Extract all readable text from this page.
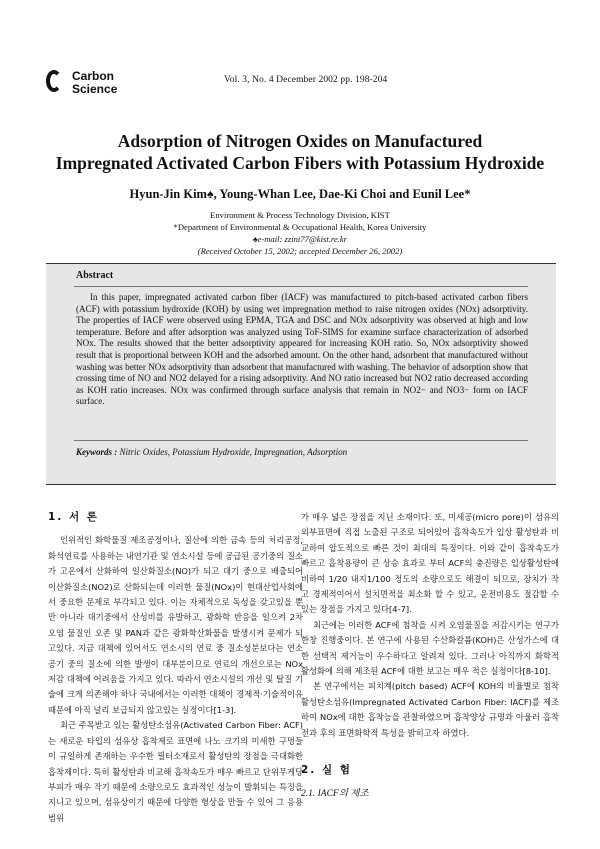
Carbon
Science
Vol. 3, No. 4 December 2002 pp. 198-204
Adsorption of Nitrogen Oxides on Manufactured
Impregnated Activated Carbon Fibers with Potassium Hydroxide
Hyun-Jin Kim♠, Young-Whan Lee, Dae-Ki Choi and Eunil Lee*
Environment & Process Technology Division, KIST
*Department of Environmental & Occupational Health, Korea University
♠e-mail: zzini77@kist.re.kr
(Received October 15, 2002; accepted December 26, 2002)
Abstract
In this paper, impregnated activated carbon fiber (IACF) was manufactured to pitch-based activated carbon fibers (ACF) with potassium hydroxide (KOH) by using wet impregnation method to raise nitrogen oxides (NOx) adsorptivity. The properties of IACF were observed using EPMA, TGA and DSC and NOx adsorptivity was observed at high and low temperature. Before and after adsorption was analyzed using ToF-SIMS for examine surface characterization of adsorbed NOx. The results showed that the better adsorptivity appeared for increasing KOH ratio. So, NOx adsorptivity showed result that is proportional between KOH and the adsorbed amount. On the other hand, adsorbent that manufactured without washing was better NOx adsorptivity than adsorbent that manufactured with washing. The behavior of adsorption show that crossing time of NO and NO2 delayed for a rising adsorptivity. And NO ratio increased but NO2 ratio decreased according as KOH ratio increases. NOx was confirmed through surface analysis that remain in NO2− and NO3− form on IACF surface.
Keywords : Nitric Oxides, Potassium Hydroxide, Impregnation, Adsorption
1. 서 론

인위적인 화학물질 제조공정이나, 질산에 의한 금속 등의 처리공정, 화석연료를 사용하는 내연기관 및 연소시설 등에 공급된 공기중의 질소가 고온에서 산화하여 일산화질소(NO)가 되고 대기 중으로 배출되어 이산화질소(NO2)로 산화되는데 이러한 물질(NOx)이 현대산업사회에서 중요한 문제로 부각되고 있다. 이는 자체적으로 독성을 갖고있을 뿐만 아니라 대기중에서 산성비를 유발하고, 광화학 반응을 일으켜 2차 오염 물질인 오존 및 PAN과 같은 광화학산화물을 발생시켜 문제가 되고있다. 지금 대책에 있어서도 연소시의 연료 중 질소성분보다는 연소공기 중의 질소에 의한 발생이 대부분이므로 연료의 개선으로는 NOx 저감 대책에 어려움을 가지고 있다. 따라서 연소시설의 개선 및 탈질 기술에 크게 의존해야 하나 국내에서는 이러한 대책이 경제적·기술적이유 때문에 아직 널리 보급되지 않고있는 실정이다[1-3].

최근 주목받고 있는 활성탄소섬유(Activated Carbon Fiber: ACF)는 새로운 타입의 섬유상 흡착제로 표면에 나노 크기의 미세한 구멍들이 규일하게 존재하는 우수한 필터소재로서 활성탄의 장점을 극대화한 흡착제이다. 특히 활성탄과 비교해 흡착속도가 매우 빠르고 단위무게당 부피가 매우 작기 때문에 소량으로도 효과적인 성능이 발휘되는 특징을 지니고 있으며, 섬유상이기 때문에 다양한 형상을 만들 수 있어 그 응용 범위

가 매우 넓은 장점을 지닌 소재이다. 또, 미세공(micro pore)이 섬유의 외부표면에 직접 노출된 구조로 되어있어 흡착속도가 입상 활성탄과 비교하여 압도적으로 빠른 것이 최대의 특징이다. 이와 같이 흡착속도가 빠르고 흡착용량이 큰 상승 효과로 부터 ACF의 충진량은 입상활성탄에 비하여 1/20 내지1/100 정도의 소량으로도 해결이 되므로, 장치가 작고 경제적이어서 설치면적을 최소화 할 수 있고, 운전비용도 절감할 수 있는 장점을 가지고 있다[4-7].

최근에는 이러한 ACF에 첨착을 시켜 오염물질을 저감시키는 연구가 한창 진행중이다. 본 연구에 사용된 수산화칼륨(KOH)은 산성가스에 대한 선택적 제거능이 우수하다고 알려져 있다. 그러나 아직까지 화학적 활성화에 의해 제조된 ACF에 대한 보고는 매우 적은 실정이다[8-10].

본 연구에서는 피치계(pitch based) ACF에 KOH의 비율별로 첨착활성탄소섬유(Impregnated Activated Carbon Fiber: IACF)를 제조하여 NOx에 대한 흡착능을 관찰하였으며 흡착양상 규명과 아울러 흡착전과 후의 표면화학적 특성을 밝히고자 하였다.

2. 실 험
2.1. IACF의 제조
